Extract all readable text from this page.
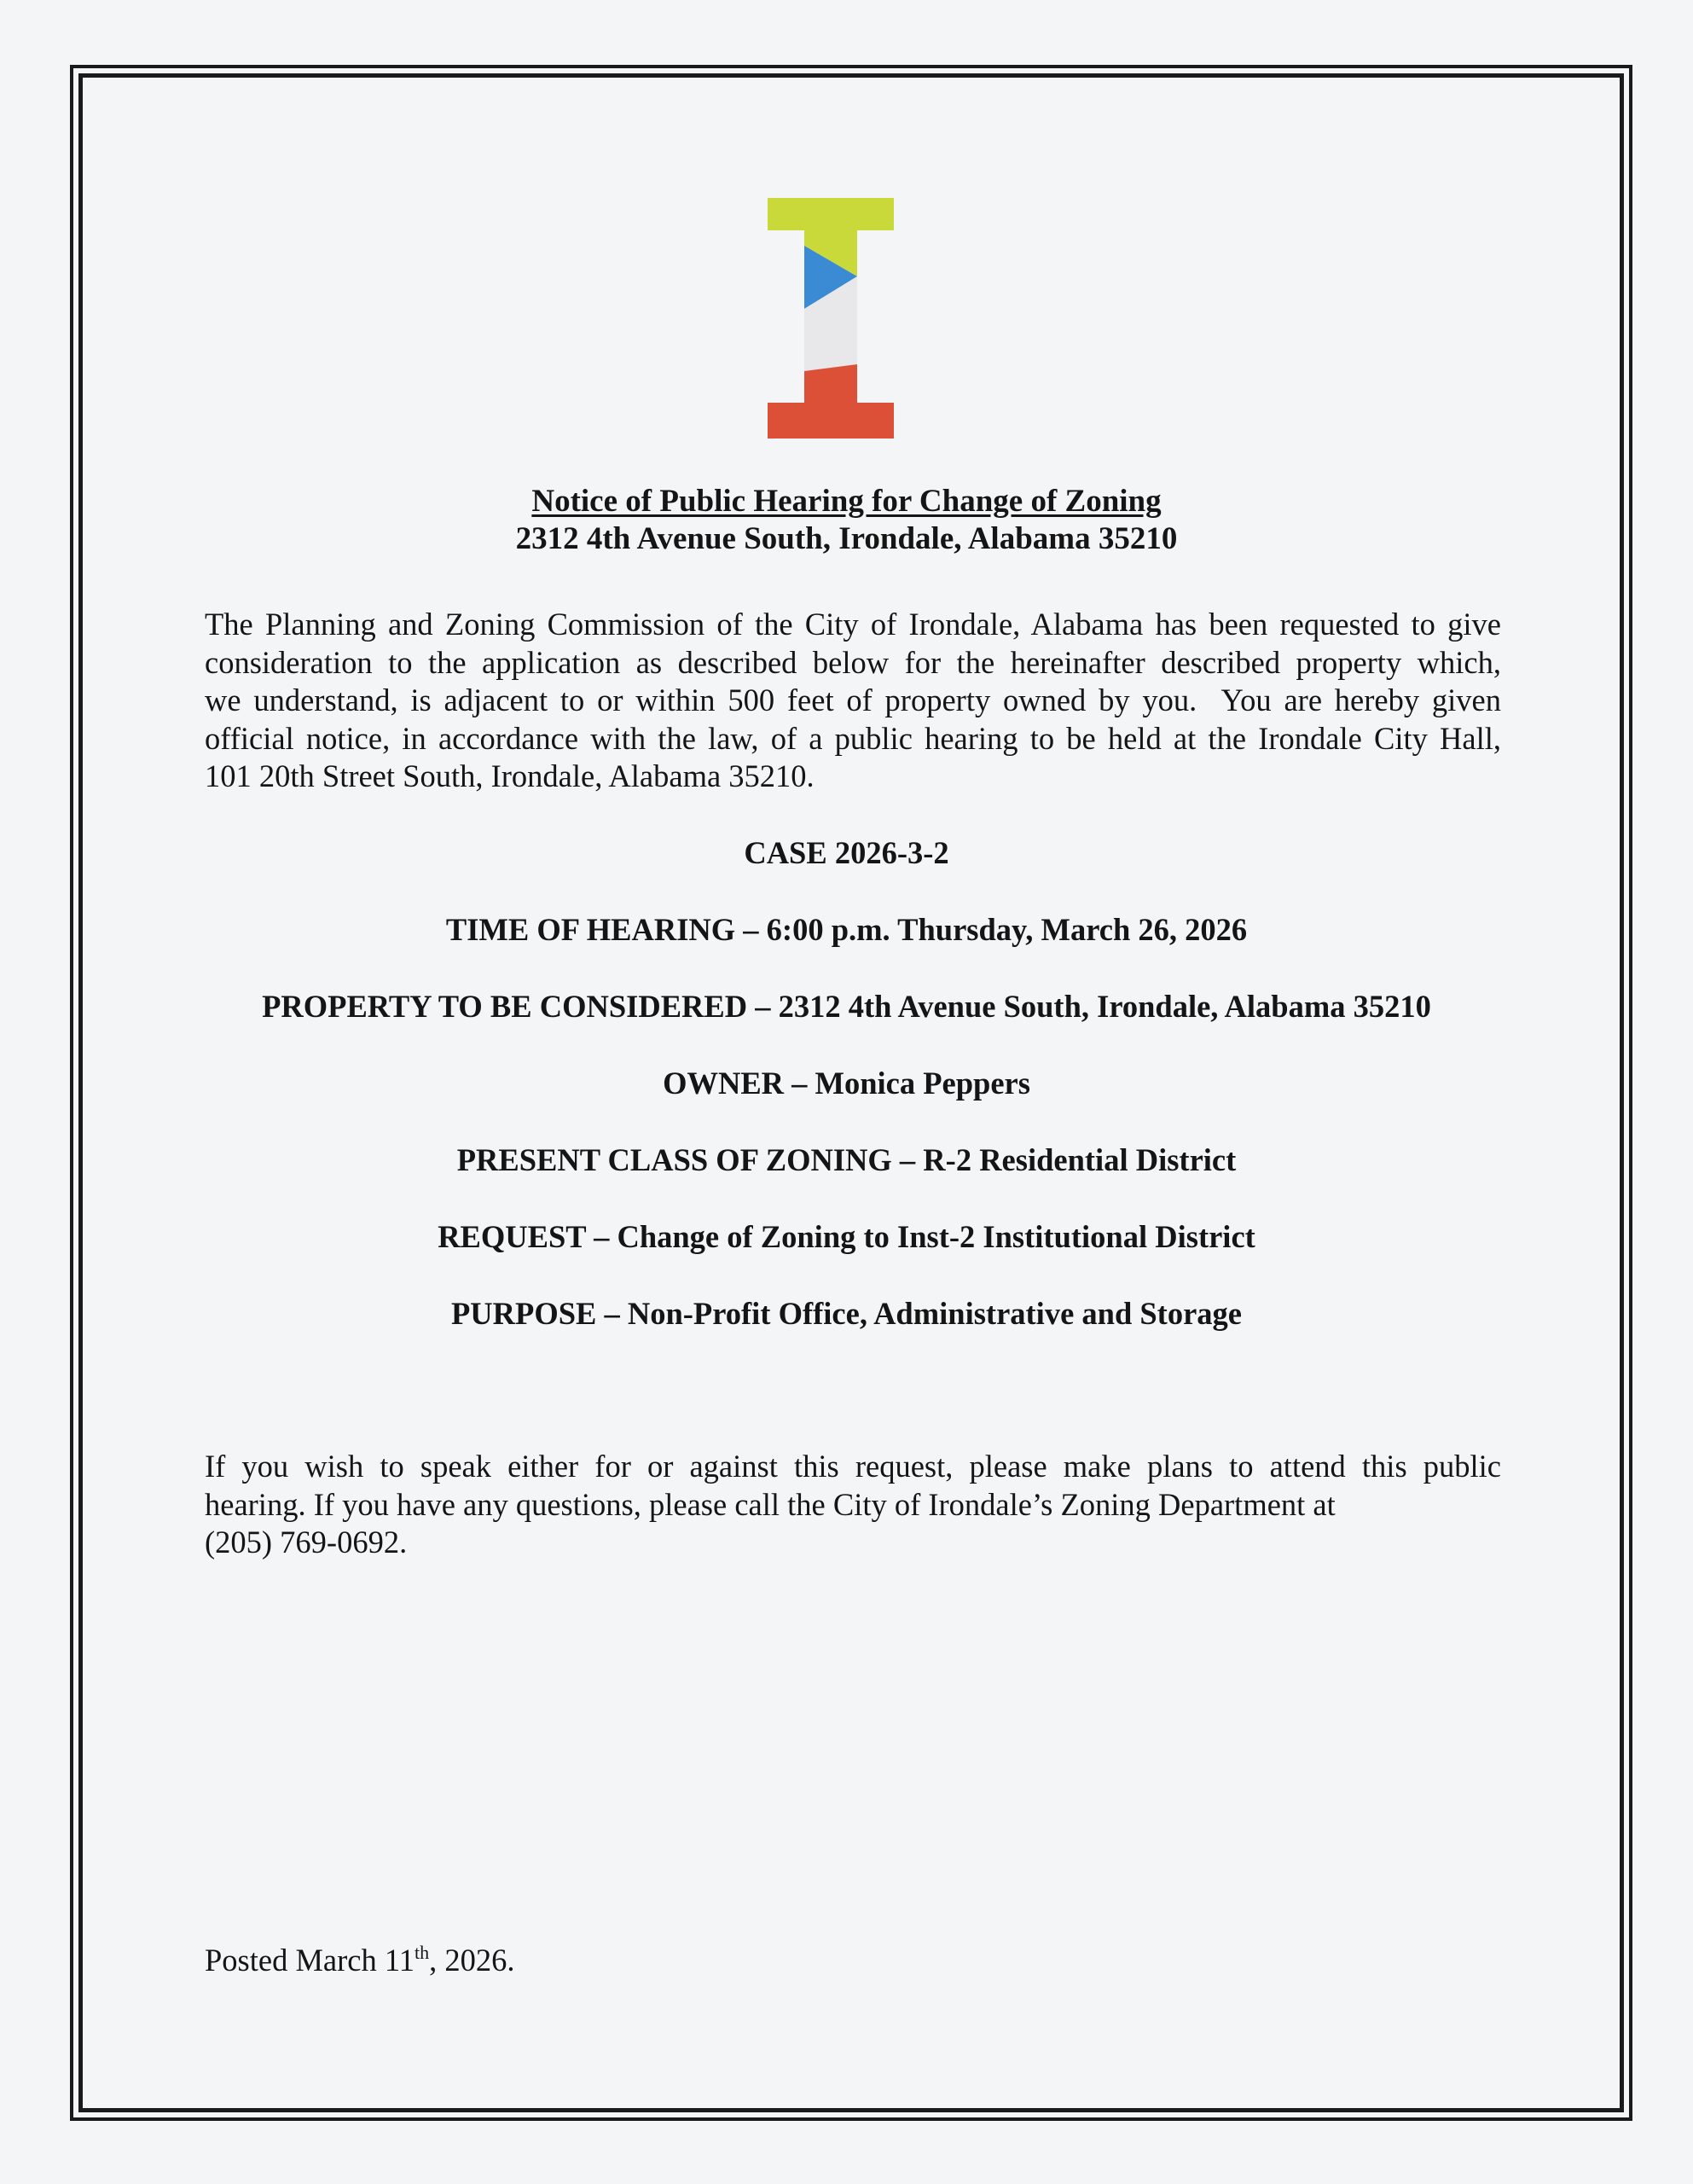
Notice of Public Hearing for Change of Zoning
2312 4th Avenue South, Irondale, Alabama 35210
The Planning and Zoning Commission of the City of Irondale, Alabama has been requested to give
consideration to the application as described below for the hereinafter described property which,
we understand, is adjacent to or within 500 feet of property owned by you.  You are hereby given
official notice, in accordance with the law, of a public hearing to be held at the Irondale City Hall,
101 20th Street South, Irondale, Alabama 35210.
CASE 2026-3-2
TIME OF HEARING – 6:00 p.m. Thursday, March 26, 2026
PROPERTY TO BE CONSIDERED – 2312 4th Avenue South, Irondale, Alabama 35210
OWNER – Monica Peppers
PRESENT CLASS OF ZONING – R-2 Residential District
REQUEST – Change of Zoning to Inst-2 Institutional District
PURPOSE – Non-Profit Office, Administrative and Storage
If you wish to speak either for or against this request, please make plans to attend this public
hearing. If you have any questions, please call the City of Irondale’s Zoning Department at
(205) 769-0692.
Posted March 11th, 2026.
